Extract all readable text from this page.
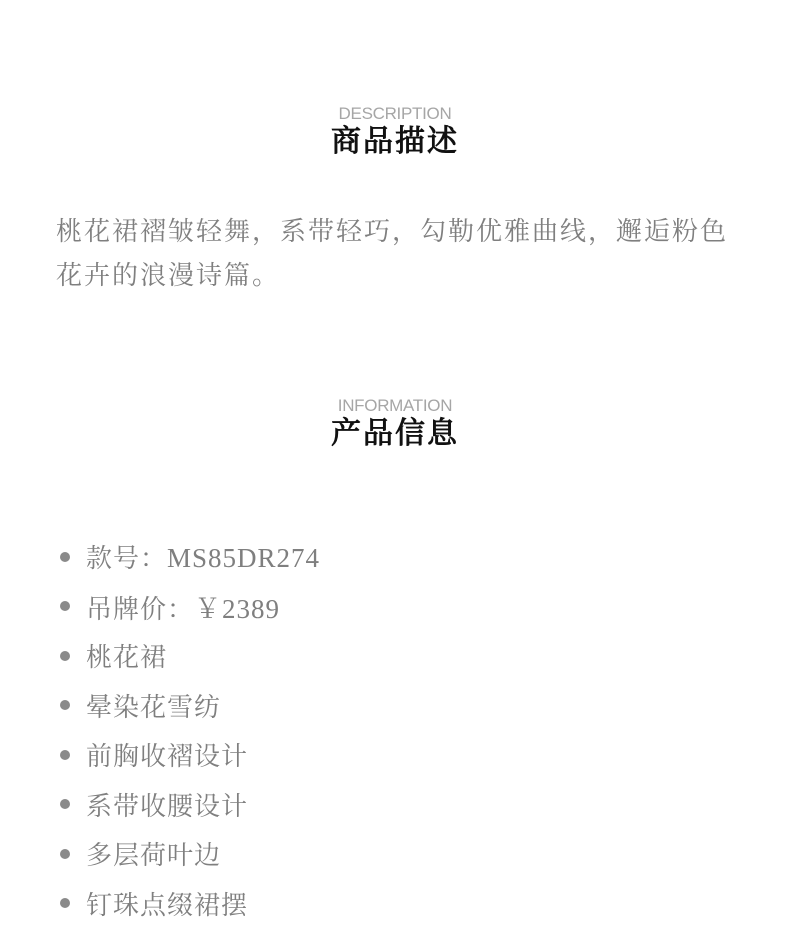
DESCRIPTION
商品描述

桃花裙褶皱轻舞，系带轻巧，勾勒优雅曲线，邂逅粉色花卉的浪漫诗篇。

INFORMATION
产品信息
款号：MS85DR274
吊牌价：￥2389
桃花裙
晕染花雪纺
前胸收褶设计
系带收腰设计
多层荷叶边
钉珠点缀裙摆
